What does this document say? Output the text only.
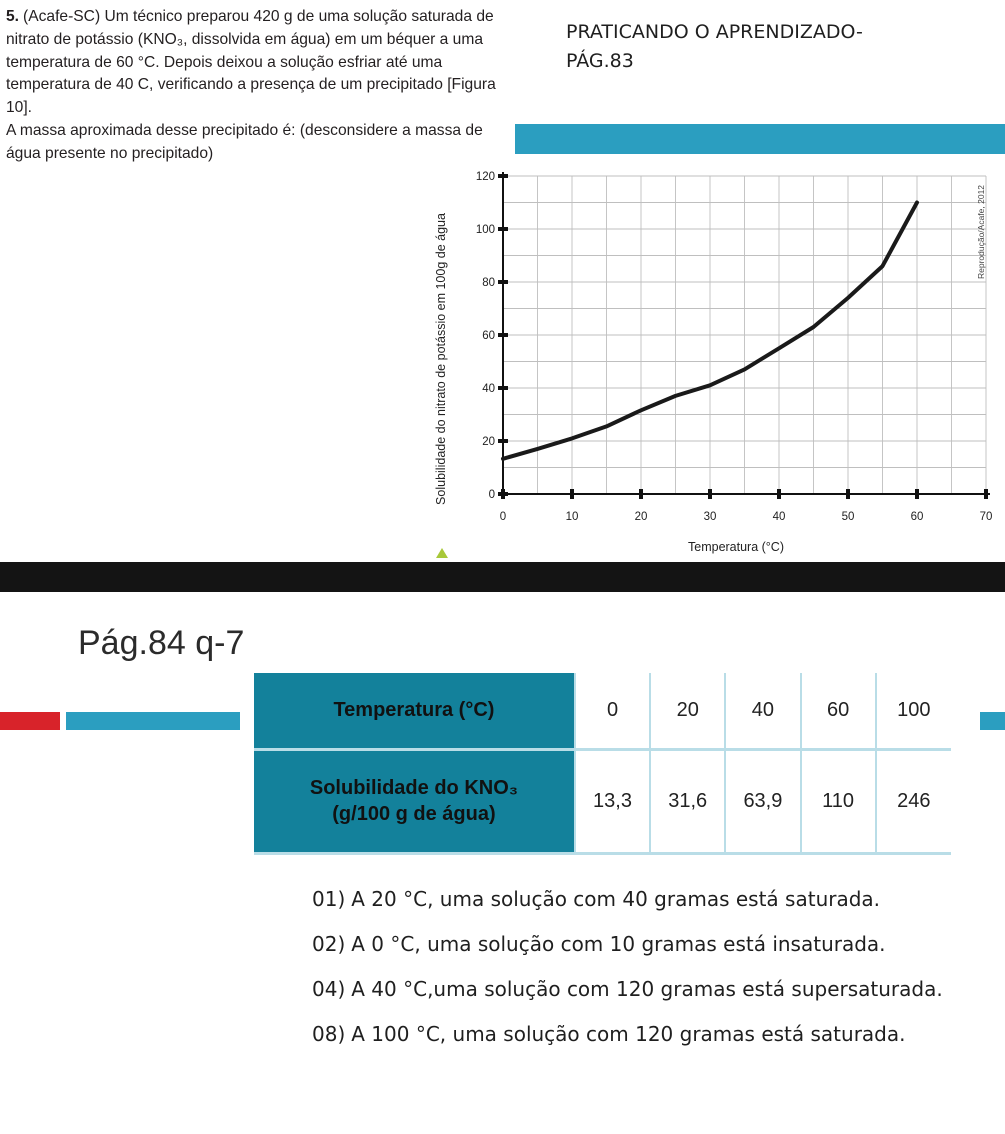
5. (Acafe-SC) Um técnico preparou 420 g de uma solução saturada de nitrato de potássio (KNO₃, dissolvida em água) em um béquer a uma temperatura de 60 °C. Depois deixou a solução esfriar até uma temperatura de 40 C, verificando a presença de um precipitado [Figura 10].

A massa aproximada desse precipitado é: (desconsidere a massa de água presente no precipitado)

PRATICANDO O APRENDIZADO-
PÁG.83
0	10	20	30	40	50	60	70
0
20
40
60
80
100
120
Solubilidade do nitrato de potássio em 100g de água
Temperatura (°C)
Reprodução/Acafe, 2012
Pág.84 q-7
Temperatura (°C)	0	20	40	60	100

Solubilidade do KNO₃
(g/100 g de água)	13,3	31,6	63,9	110	246
01) A 20 °C, uma solução com 40 gramas está saturada.
02) A 0 °C, uma solução com 10 gramas está insaturada.
04) A 40 °C,uma solução com 120 gramas está supersaturada.
08) A 100 °C, uma solução com 120 gramas está saturada.
